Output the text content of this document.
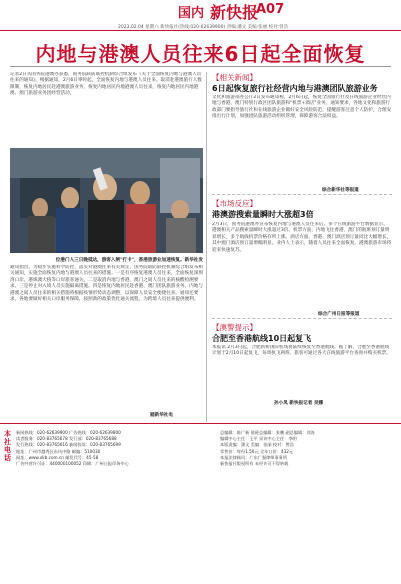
国内 新快报
A07
2023.02.04 星期六 新快报社(热线:020-62639900) 责编:潘文 美编:张丽 校对:曾浩
内地与港澳人员往来6日起全面恢复
记者2日从国务院港澳办获悉，国务院联防联控机制综合组发布《关于全面恢复内地与港澳人员往来的通知》。根据通知，2月6日零时起，全面恢复内地与港澳人员往来。取消赴港澳旅行人数限制，恢复内地居民赴港澳旅游业务，恢复内地居民内地港澳人员往来，恢复内地居民内地港澳、澳门旅游业务团经营活动。
位港门人三日晚抵达，游客入闸"打卡"，香港旅游业加速恢复。新华社发
通知指出，为稳步实施科学防控，落实对港澳往来有关规定，国务院联防联控机制综合组发布相关通知，实施全面恢复内地与港澳人员往来的措施。一是有序恢复港澳人员往来，全面恢复深圳湾口岸、港珠澳大桥等口岸旅客通关。二是取消内地与香港、澳门之间人员往来的核酸检测要求。三是停止对入境人员实施隔离措施。四是恢复内地居民赴香港、澳门团队旅游业务。内地与港澳之间人员往来的相关措施将根据疫情形势动态调整，以保障人员安全便捷往来。通知还要求，各地要做好相关口岸服务保障，按照新的政策优化通关流程，为跨境人员往来提供便利。
据新华社电
【相关新闻】
6日起恢复旅行社经营内地与港澳团队旅游业务
文化和旅游部办公厅2日发布通知称，2月6日起，恢复全国旅行社及在线旅游企业经营内地与香港、澳门特别行政区团队旅游和"机票+酒店"业务。通知要求，各地文化和旅游行政部门要指导旅行社和在线旅游企业做好安全风险防范，提醒游客注意个人防护，合理安排出行计划，加强团队旅游活动组织管理，保障游客合法权益。
综合新华社等报道
【市场反应】
港澳游搜索量瞬时大涨超3倍
2月3日，国务院港澳办宣布恢复内地与港澳人员往来后，多个在线旅游平台数据显示，港澳相关产品搜索量瞬时大涨超过3倍。机票方面，内地飞往香港、澳门的航班预订量明显增长，多个航线机票价格有所上涨。酒店方面，香港、澳门酒店预订量同比大幅增长，其中澳门酒店预订量增幅明显。业内人士表示，随着人员往来全面恢复，港澳旅游市场将迎来快速复苏。
综合广州日报等报道
【澳警提示】
合肥至香港航线10日起复飞
本报讯 2月3日起，合肥新桥国际机场将陆续恢复至香港航线。据了解，合肥至香港航线计划于2月10日起复飞，每周执飞两班，旅客可通过各大在线旅游平台查询并购买机票。
孙小凤 新快报记者 吴娜
本社电话
新闻热线：020-62639900 广告热线：020-62639800
读者服务：020-83765678 发行部：020-83765688
发行热线：020-83765616 新闻投诉：020-83765699
地址：广州市越秀区东风中路 邮编：510030
网址：www.xkb.com.cn 邮发代号：45-58
广告经营许可证：440000100052 印刷：广州日报印务中心
总编辑：陈广新 值班总编辑：张鹏 副总编辑：刘涛
编辑中心主任：王平 采访中心主任：李明
本版责编：潘文 美编：张丽 校对：曾浩
零售价：每份1.50元 全年订价：432元
本报法律顾问：广东广强律师事务所
新快报社版权所有 未经许可不得转载
